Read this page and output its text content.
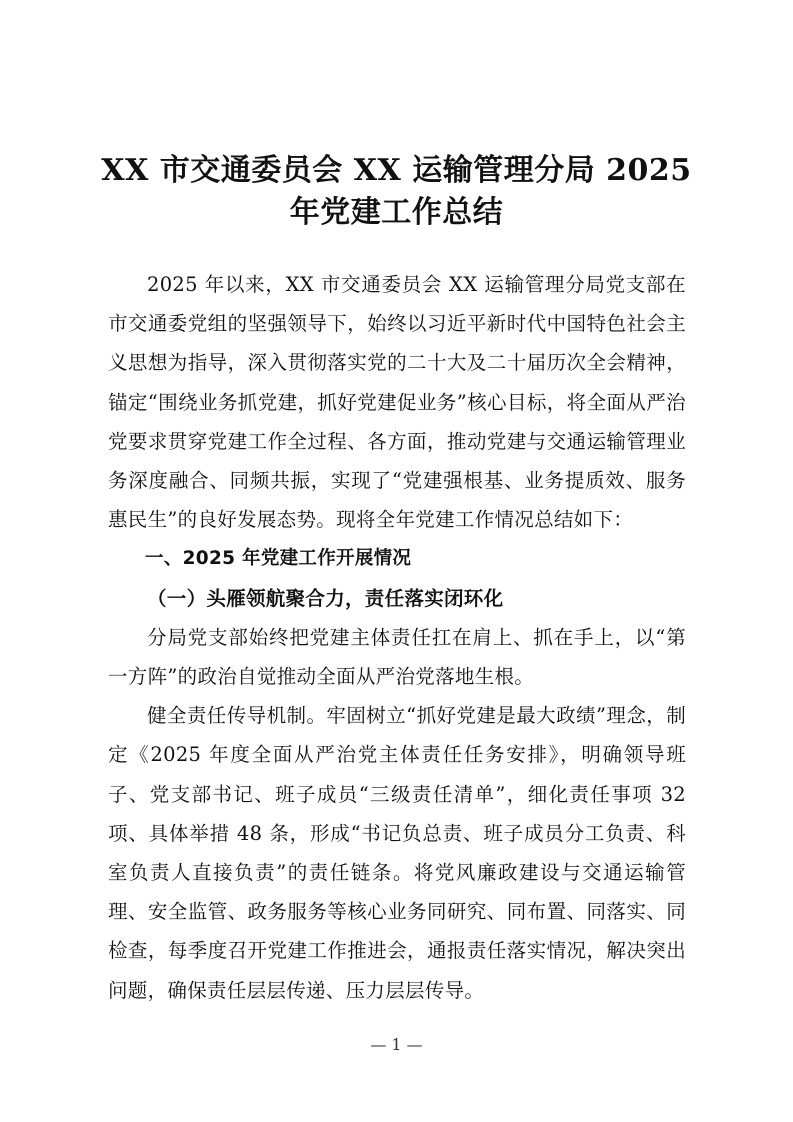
XX 市交通委员会 XX 运输管理分局 2025
年党建工作总结

2025 年以来，XX 市交通委员会 XX 运输管理分局党支部在市交通委党组的坚强领导下，始终以习近平新时代中国特色社会主义思想为指导，深入贯彻落实党的二十大及二十届历次全会精神，锚定“围绕业务抓党建，抓好党建促业务”核心目标，将全面从严治党要求贯穿党建工作全过程、各方面，推动党建与交通运输管理业务深度融合、同频共振，实现了“党建强根基、业务提质效、服务惠民生”的良好发展态势。现将全年党建工作情况总结如下：

一、2025 年党建工作开展情况

（一）头雁领航聚合力，责任落实闭环化

分局党支部始终把党建主体责任扛在肩上、抓在手上，以“第一方阵”的政治自觉推动全面从严治党落地生根。

健全责任传导机制。牢固树立“抓好党建是最大政绩”理念，制定《2025 年度全面从严治党主体责任任务安排》，明确领导班子、党支部书记、班子成员“三级责任清单”，细化责任事项 32 项、具体举措 48 条，形成“书记负总责、班子成员分工负责、科室负责人直接负责”的责任链条。将党风廉政建设与交通运输管理、安全监管、政务服务等核心业务同研究、同布置、同落实、同检查，每季度召开党建工作推进会，通报责任落实情况，解决突出问题，确保责任层层传递、压力层层传导。

— 1 —
